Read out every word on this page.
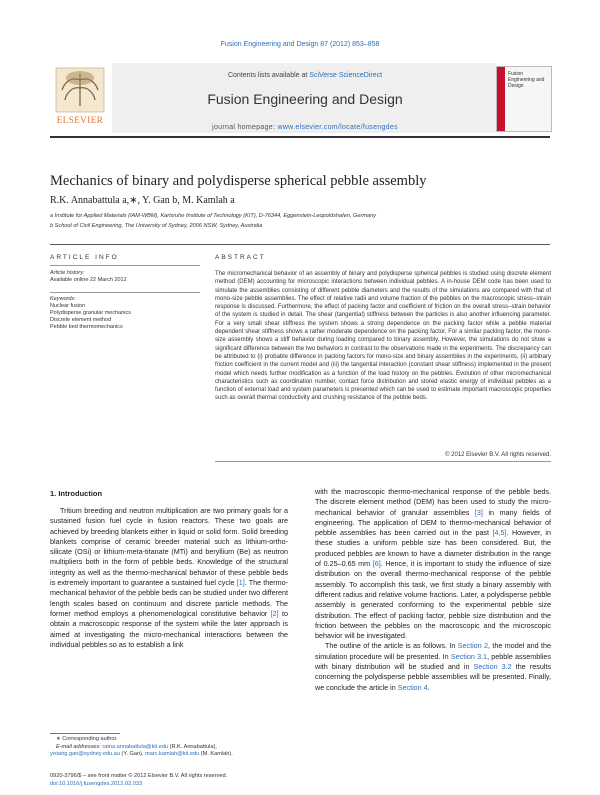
Fusion Engineering and Design 87 (2012) 853–858
ELSEVIER
Contents lists available at SciVerse ScienceDirect
Fusion Engineering and Design
journal homepage: www.elsevier.com/locate/fusengdes
Fusion Engineering and Design
Mechanics of binary and polydisperse spherical pebble assembly
R.K. Annabattula a,∗, Y. Gan b, M. Kamlah a
a Institute for Applied Materials (IAM-WBM), Karlsruhe Institute of Technology (KIT), D-76344, Eggenstein-Leopoldshafen, Germany
b School of Civil Engineering, The University of Sydney, 2006 NSW, Sydney, Australia
ARTICLE INFO	ABSTRACT
Article history:
Available online 22 March 2012
Keywords:
Nuclear fusion
Polydisperse granular mechanics
Discrete element method
Pebble bed thermomechanics
The micromechanical behavior of an assembly of binary and polydisperse spherical pebbles is studied using discrete element method (DEM) accounting for microscopic interactions between individual pebbles. A in-house DEM code has been used to simulate the assemblies consisting of different pebble diameters and the results of the simulations are compared with that of mono-size pebble assemblies. The effect of relative radii and volume fraction of the pebbles on the macroscopic stress–strain response is discussed. Furthermore, the effect of packing factor and coefficient of friction on the overall stress–strain behavior of the system is studied in detail. The shear (tangential) stiffness between the particles is also another influencing parameter. For a very small shear stiffness the system shows a strong dependence on the packing factor while a pebble material dependent shear stiffness shows a rather moderate dependence on the packing factor. For a similar packing factor, the mono-size assembly shows a stiff behavior during loading compared to binary assembly. However, the simulations do not show a significant difference between the two behaviors in contrast to the observations made in the experiments. The discrepancy can be attributed to (i) probable difference in packing factors for mono-size and binary assemblies in the experiments, (ii) arbitrary friction coefficient in the current model and (iii) the tangential interaction (constant shear stiffness) implemented in the present model which needs further modification as a function of the load history on the pebbles. Evolution of other micromechanical characteristics such as coordination number, contact force distribution and stored elastic energy of individual pebbles as a function of external load and system parameters is presented which can be used to estimate important macroscopic properties such as overall thermal conductivity and crushing resistance of the pebble beds.
© 2012 Elsevier B.V. All rights reserved.
1. Introduction
Tritium breeding and neutron multiplication are two primary goals for a sustained fusion fuel cycle in fusion reactors. These two goals are achieved by breeding blankets either in liquid or solid form. Solid breeding blankets comprise of ceramic breeder material such as lithium-ortho-silicate (OSi) or lithium-meta-titanate (MTi) and beryllium (Be) as neutron multipliers both in the form of pebble beds. Knowledge of the structural integrity as well as the thermo-mechanical behavior of these pebble beds is extremely important to guarantee a sustained fuel cycle [1]. The thermo-mechanical behavior of the pebble beds can be studied under two different length scales based on continuum and discrete particle methods. The former method employs a phenomenological constitutive behavior [2] to obtain a macroscopic response of the system while the later approach is aimed at investigating the micro-mechanical interactions between the individual pebbles so as to establish a link
with the macroscopic thermo-mechanical response of the pebble beds. The discrete element method (DEM) has been used to study the micro-mechanical behavior of granular assemblies [3] in many fields of engineering. The application of DEM to thermo-mechanical behavior of pebble assemblies has been carried out in the past [4,5]. However, in these studies a uniform pebble size has been considered. But, the produced pebbles are known to have a diameter distribution in the range of 0.25–0.65 mm [6]. Hence, it is important to study the influence of size distribution on the overall thermo-mechanical response of the pebble assembly. To accomplish this task, we first study a binary assembly with different radius and relative volume fractions. Later, a polydisperse pebble assembly is generated conforming to the experimental pebble size distribution. The effect of packing factor, pebble size distribution and the friction between the pebbles on the macroscopic and the microscopic behavior will be investigated.
The outline of the article is as follows. In Section 2, the model and the simulation procedure will be presented. In Section 3.1, pebble assemblies with binary distribution will be studied and in Section 3.2 the results concerning the polydisperse pebble assemblies will be presented. Finally, we conclude the article in Section 4.
∗ Corresponding author.
E-mail addresses: ratna.annabattula@kit.edu (R.K. Annabattula),
yixiang.gan@sydney.edu.au (Y. Gan), marc.kamlah@kit.edu (M. Kamlah).
0920-3796/$ – see front matter © 2012 Elsevier B.V. All rights reserved.
doi:10.1016/j.fusengdes.2012.02.033
